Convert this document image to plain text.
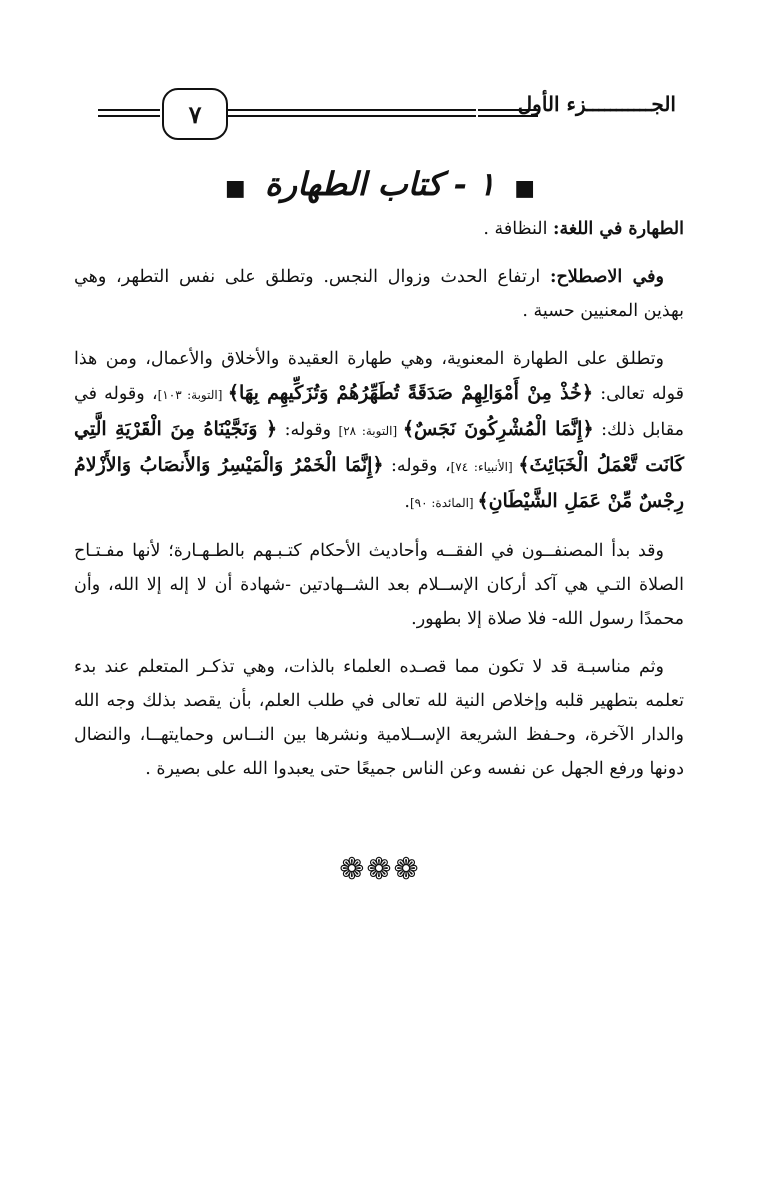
٧	الجـــــــــــزء الأول
■ ١ - كتاب الطهارة ■

الطهارة في اللغة: النظافة .

وفي الاصطلاح: ارتفاع الحدث وزوال النجس. وتطلق على نفس التطهر، وهي بهذين المعنيين حسية .

وتطلق على الطهارة المعنوية، وهي طهارة العقيدة والأخلاق والأعمال، ومن هذا قوله تعالى: ﴿خُذْ مِنْ أَمْوَالِهِمْ صَدَقَةً تُطَهِّرُهُمْ وَتُزَكِّيهِم بِهَا﴾ [التوبة: ١٠٣]، وقوله في مقابل ذلك: ﴿إِنَّمَا الْمُشْرِكُونَ نَجَسٌ﴾ [التوبة: ٢٨] وقوله: ﴿ وَنَجَّيْنَاهُ مِنَ الْقَرْيَةِ الَّتِي كَانَت تَّعْمَلُ الْخَبَائِثَ﴾ [الأنبياء: ٧٤]، وقوله: ﴿إِنَّمَا الْخَمْرُ وَالْمَيْسِرُ وَالأَنصَابُ وَالأَزْلامُ رِجْسٌ مِّنْ عَمَلِ الشَّيْطَانِ﴾ [المائدة: ٩٠].

وقد بدأ المصنفــون في الفقــه وأحاديث الأحكام كتـبـهم بالطـهـارة؛ لأنها مفـتـاح الصلاة التـي هي آكد أركان الإســلام بعد الشــهادتين -شهادة أن لا إله إلا الله، وأن محمدًا رسول الله- فلا صلاة إلا بطهور.

وثم مناسبـة قد لا تكون مما قصـده العلماء بالذات، وهي تذكـر المتعلم عند بدء تعلمه بتطهير قلبه وإخلاص النية لله تعالى في طلب العلم، بأن يقصد بذلك وجه الله والدار الآخرة، وحـفظ الشريعة الإســلامية ونشرها بين النــاس وحمايتهــا، والنضال دونها ورفع الجهل عن نفسه وعن الناس جميعًا حتى يعبدوا الله على بصيرة .

❁❁❁
